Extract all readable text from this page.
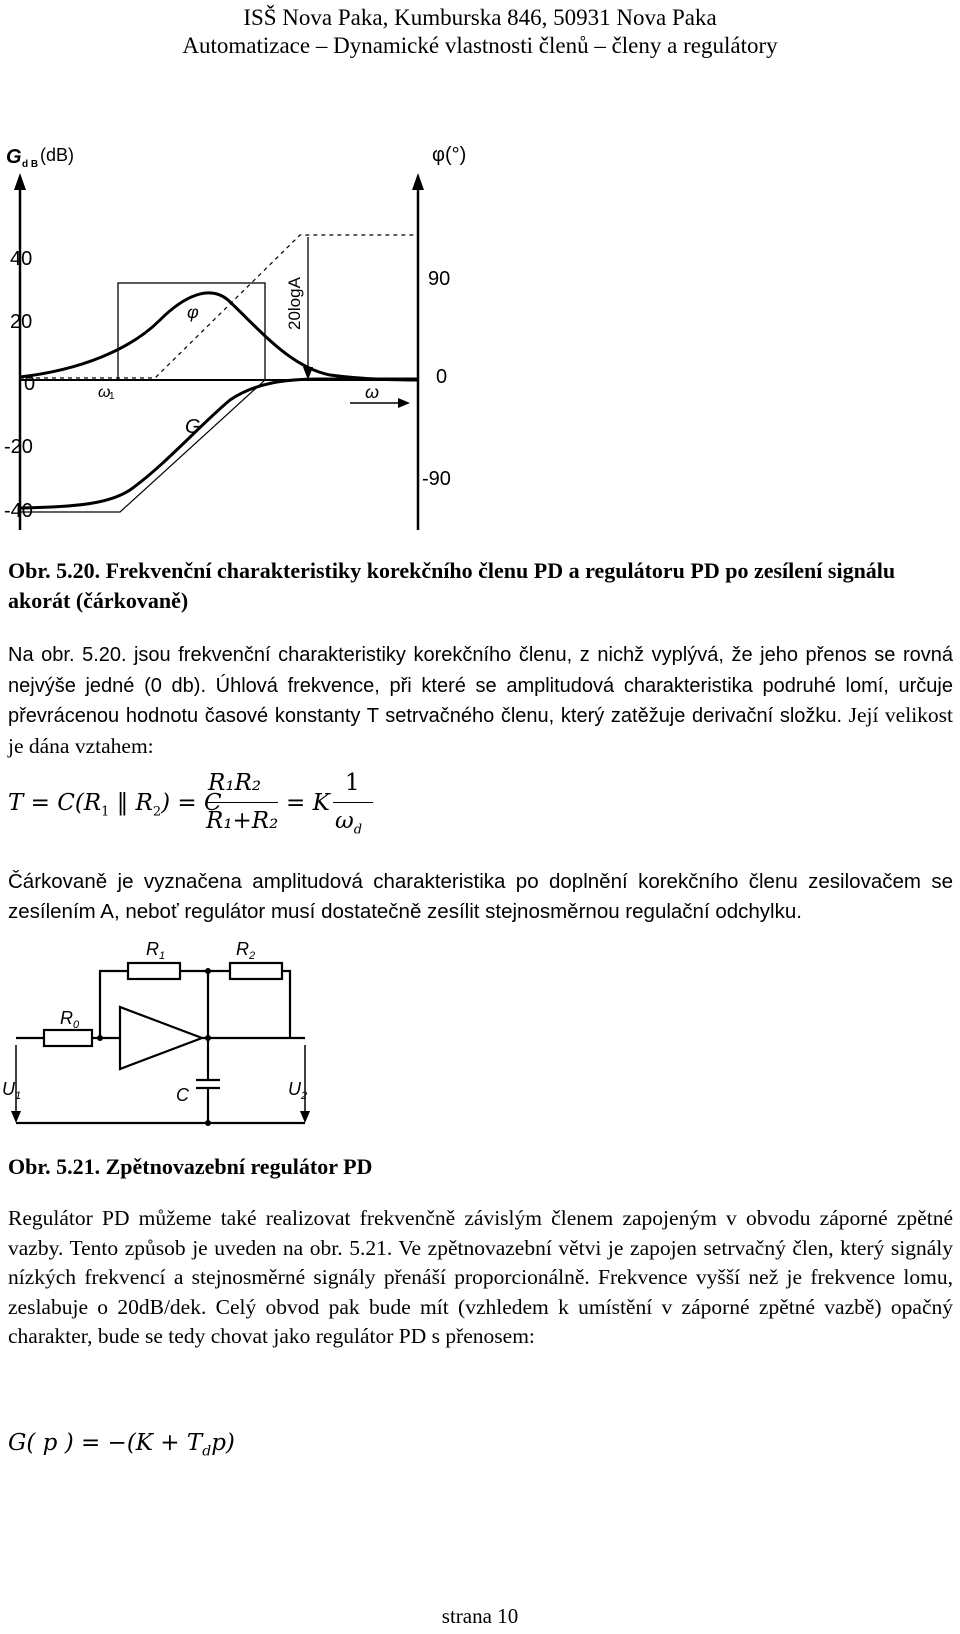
ISŠ Nova Paka, Kumburska 846, 50931 Nova Paka
Automatizace – Dynamické vlastnosti členů – členy a regulátory
G d B (dB)
40
20
0
-20
-40
φ(°)
90
0
-90
ω
ω
1
20logA
φ
G
Obr. 5.20. Frekvenční charakteristiky korekčního členu PD a regulátoru PD po zesílení signálu akorát (čárkovaně)
Na obr. 5.20. jsou frekvenční charakteristiky korekčního členu, z nichž vyplývá, že jeho přenos se rovná nejvýše jedné (0 db). Úhlová frekvence, při které se amplitudová charakteristika podruhé lomí, určuje převrácenou hodnotu časové konstanty T setrvačného členu, který zatěžuje derivační složku. Její velikost je dána vztahem:
$T = C(R_1$ ‖ $R_2) = C$
R₁R₂
R₁+R₂
= K
1
$\omega_d$
Čárkovaně je vyznačena amplitudová charakteristika po doplnění korekčního členu zesilovačem se zesílením A, neboť regulátor musí dostatečně zesílit stejnosměrnou regulační odchylku.
$R_1$	$R_2$
$R_0$
C
$U_1$	$U_2$
Obr. 5.21. Zpětnovazební regulátor PD
Regulátor PD můžeme také realizovat frekvenčně závislým členem zapojeným v obvodu záporné zpětné vazby. Tento způsob je uveden na obr. 5.21. Ve zpětnovazební větvi je zapojen setrvačný člen, který signály nízkých frekvencí a stejnosměrné signály přenáší proporcionálně. Frekvence vyšší než je frekvence lomu, zeslabuje o 20dB/dek. Celý obvod pak bude mít (vzhledem k umístění v záporné zpětné vazbě) opačný charakter, bude se tedy chovat jako regulátor PD s přenosem:
G( p ) = $-(K + T_dp)$
strana 10
